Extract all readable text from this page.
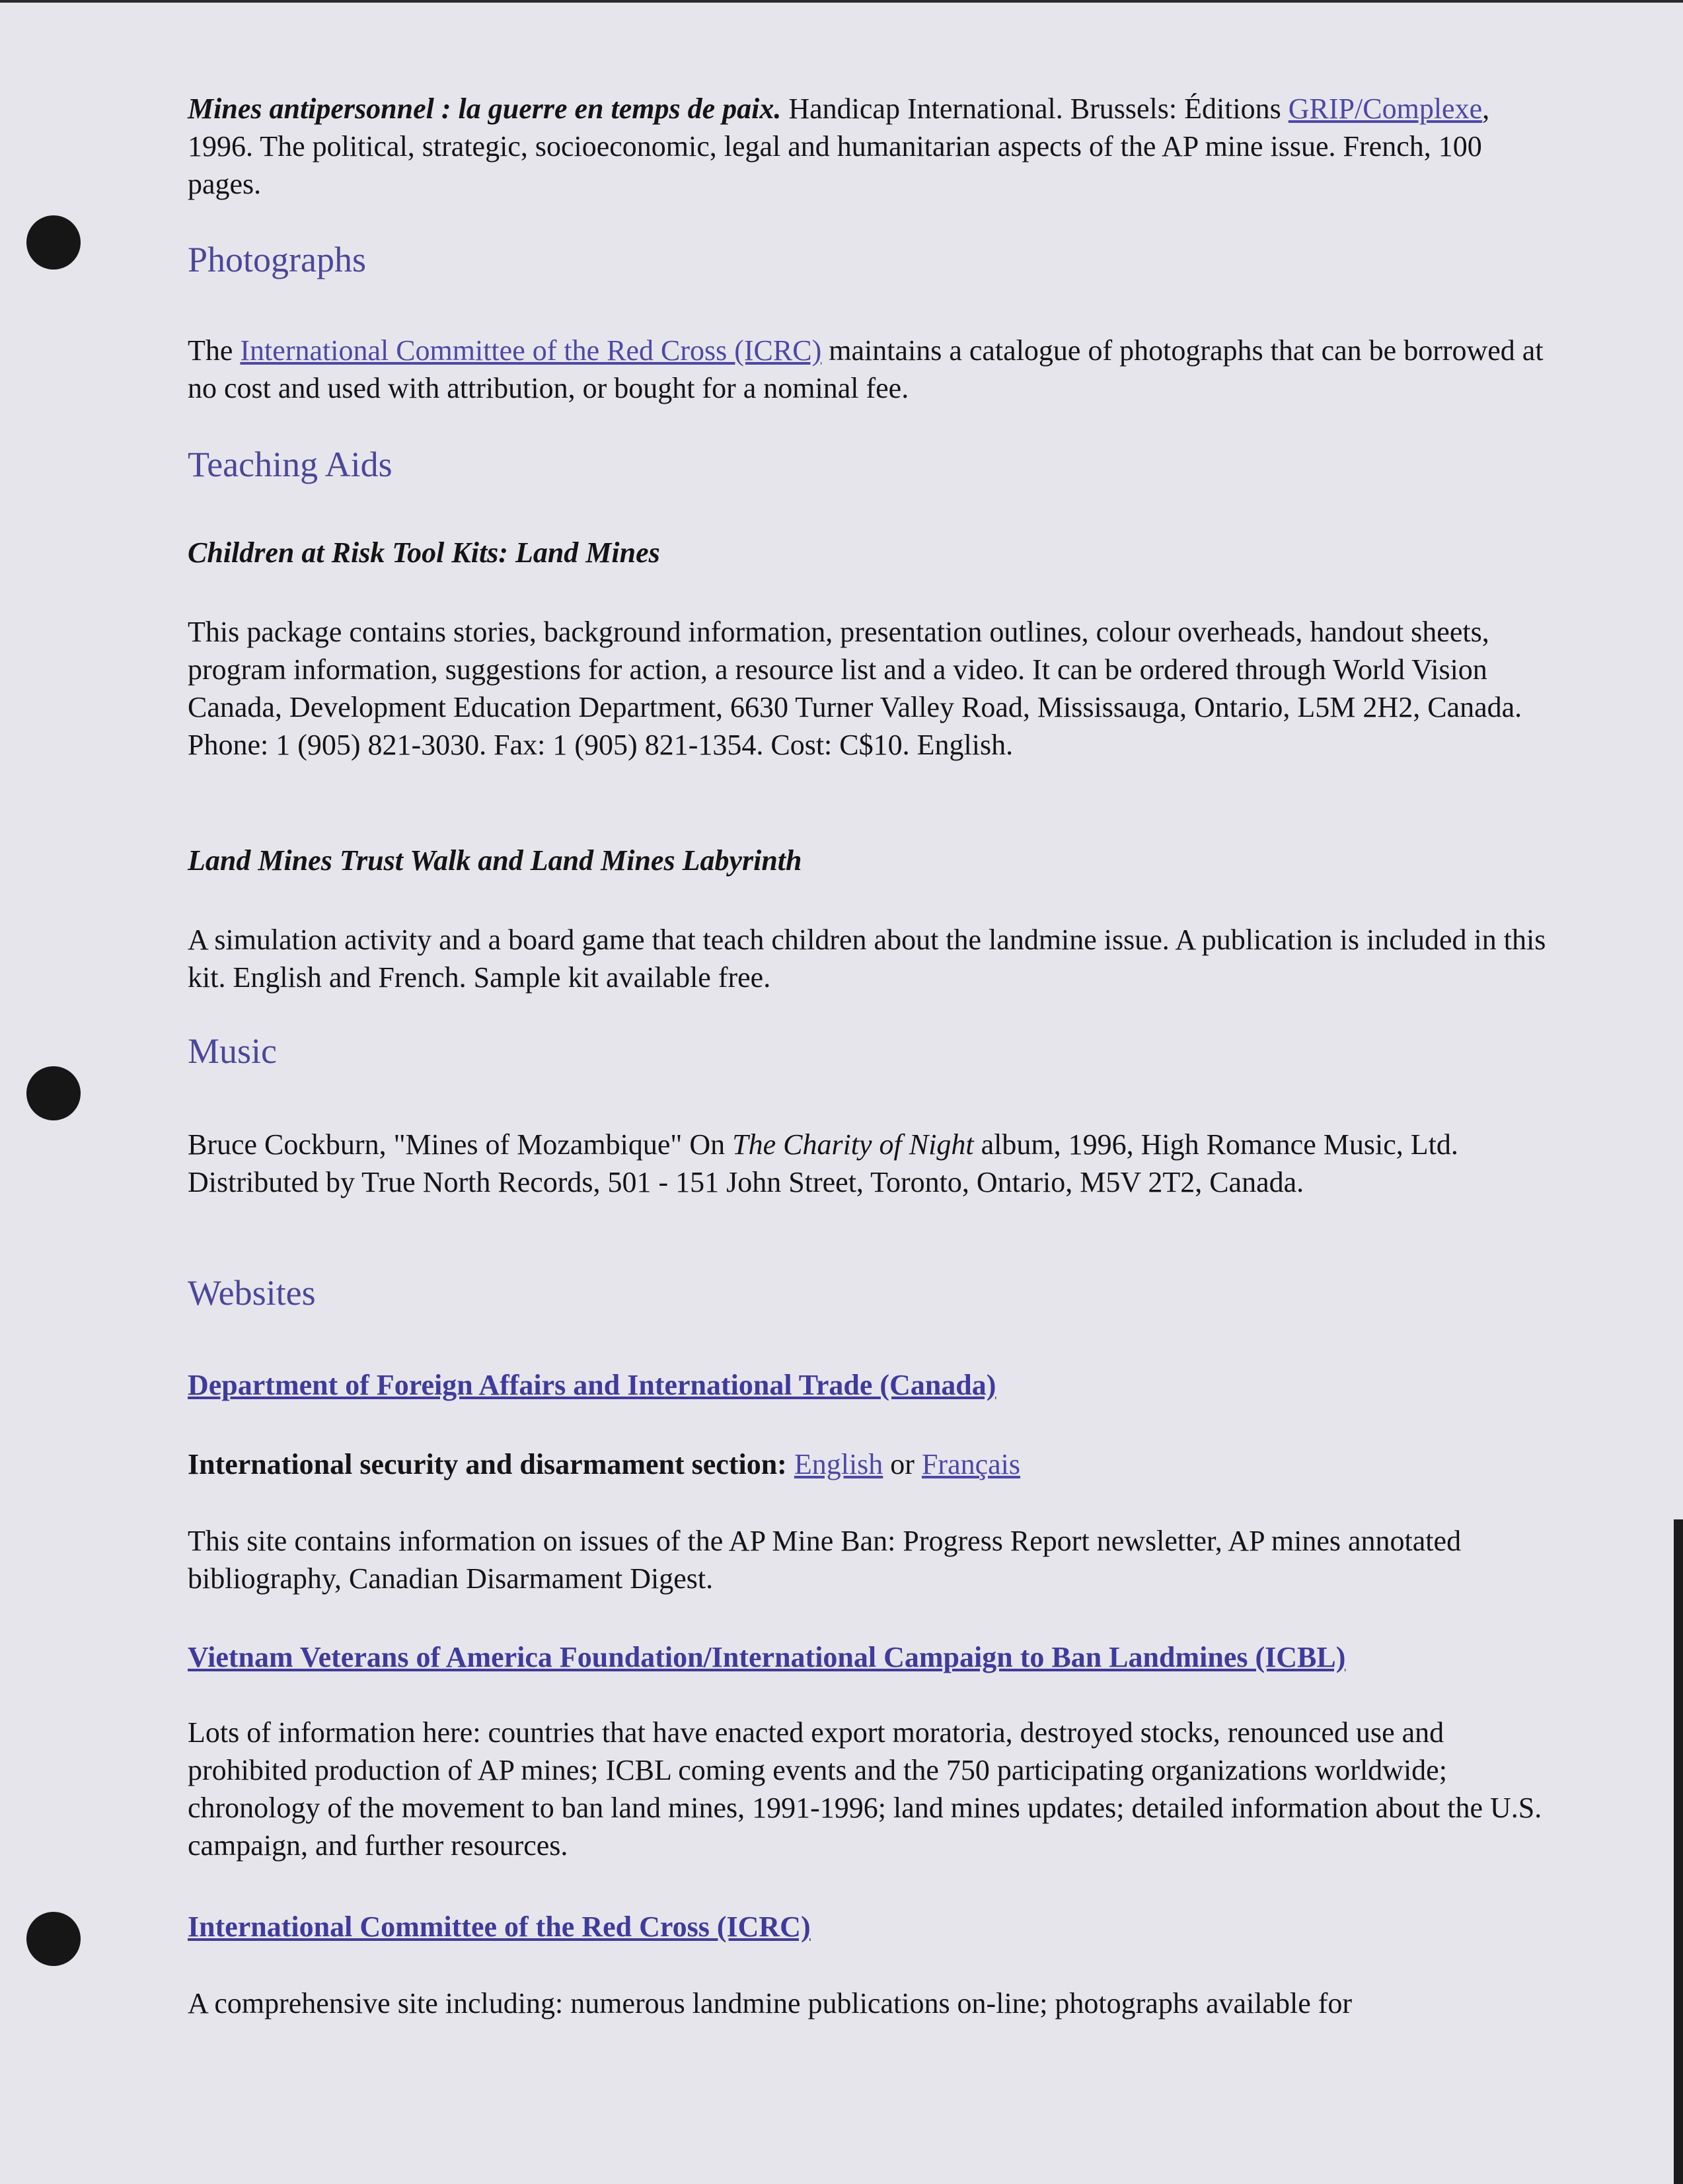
Mines antipersonnel : la guerre en temps de paix. Handicap International. Brussels: Éditions GRIP/Complexe, 1996. The political, strategic, socioeconomic, legal and humanitarian aspects of the AP mine issue. French, 100 pages.

Photographs

The International Committee of the Red Cross (ICRC) maintains a catalogue of photographs that can be borrowed at no cost and used with attribution, or bought for a nominal fee.

Teaching Aids

Children at Risk Tool Kits: Land Mines

This package contains stories, background information, presentation outlines, colour overheads, handout sheets, program information, suggestions for action, a resource list and a video. It can be ordered through World Vision Canada, Development Education Department, 6630 Turner Valley Road, Mississauga, Ontario, L5M 2H2, Canada. Phone: 1 (905) 821-3030. Fax: 1 (905) 821-1354. Cost: C$10. English.

Land Mines Trust Walk and Land Mines Labyrinth

A simulation activity and a board game that teach children about the landmine issue. A publication is included in this kit. English and French. Sample kit available free.

Music

Bruce Cockburn, "Mines of Mozambique" On The Charity of Night album, 1996, High Romance Music, Ltd. Distributed by True North Records, 501 - 151 John Street, Toronto, Ontario, M5V 2T2, Canada.

Websites

Department of Foreign Affairs and International Trade (Canada)

International security and disarmament section: English or Français

This site contains information on issues of the AP Mine Ban: Progress Report newsletter, AP mines annotated bibliography, Canadian Disarmament Digest.

Vietnam Veterans of America Foundation/International Campaign to Ban Landmines (ICBL)

Lots of information here: countries that have enacted export moratoria, destroyed stocks, renounced use and prohibited production of AP mines; ICBL coming events and the 750 participating organizations worldwide; chronology of the movement to ban land mines, 1991-1996; land mines updates; detailed information about the U.S. campaign, and further resources.

International Committee of the Red Cross (ICRC)

A comprehensive site including: numerous landmine publications on-line; photographs available for
